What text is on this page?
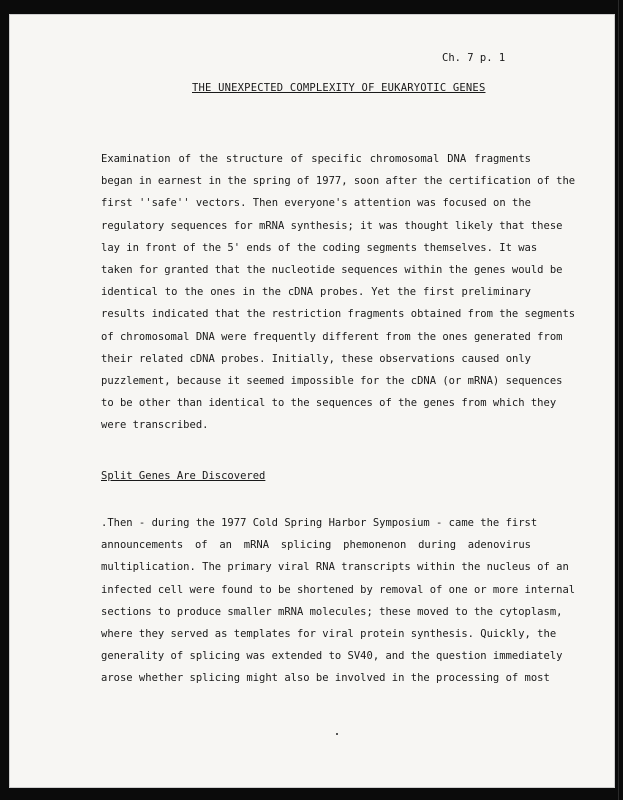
Ch. 7 p. 1
THE UNEXPECTED COMPLEXITY OF EUKARYOTIC GENES
Examination of the structure of specific chromosomal DNA fragments
began in earnest in the spring of 1977, soon after the certification of the
first ''safe'' vectors. Then everyone's attention was focused on the
regulatory sequences for mRNA synthesis; it was thought likely that these
lay in front of the 5' ends of the coding segments themselves. It was
taken for granted that the nucleotide sequences within the genes would be
identical to the ones in the cDNA probes. Yet the first preliminary
results indicated that the restriction fragments obtained from the segments
of chromosomal DNA were frequently different from the ones generated from
their related cDNA probes. Initially, these observations caused only
puzzlement, because it seemed impossible for the cDNA (or mRNA) sequences
to be other than identical to the sequences of the genes from which they
were transcribed.
Split Genes Are Discovered
.Then - during the 1977 Cold Spring Harbor Symposium - came the first
announcements of an mRNA splicing phemonenon during adenovirus
multiplication. The primary viral RNA transcripts within the nucleus of an
infected cell were found to be shortened by removal of one or more internal
sections to produce smaller mRNA molecules; these moved to the cytoplasm,
where they served as templates for viral protein synthesis. Quickly, the
generality of splicing was extended to SV40, and the question immediately
arose whether splicing might also be involved in the processing of most
